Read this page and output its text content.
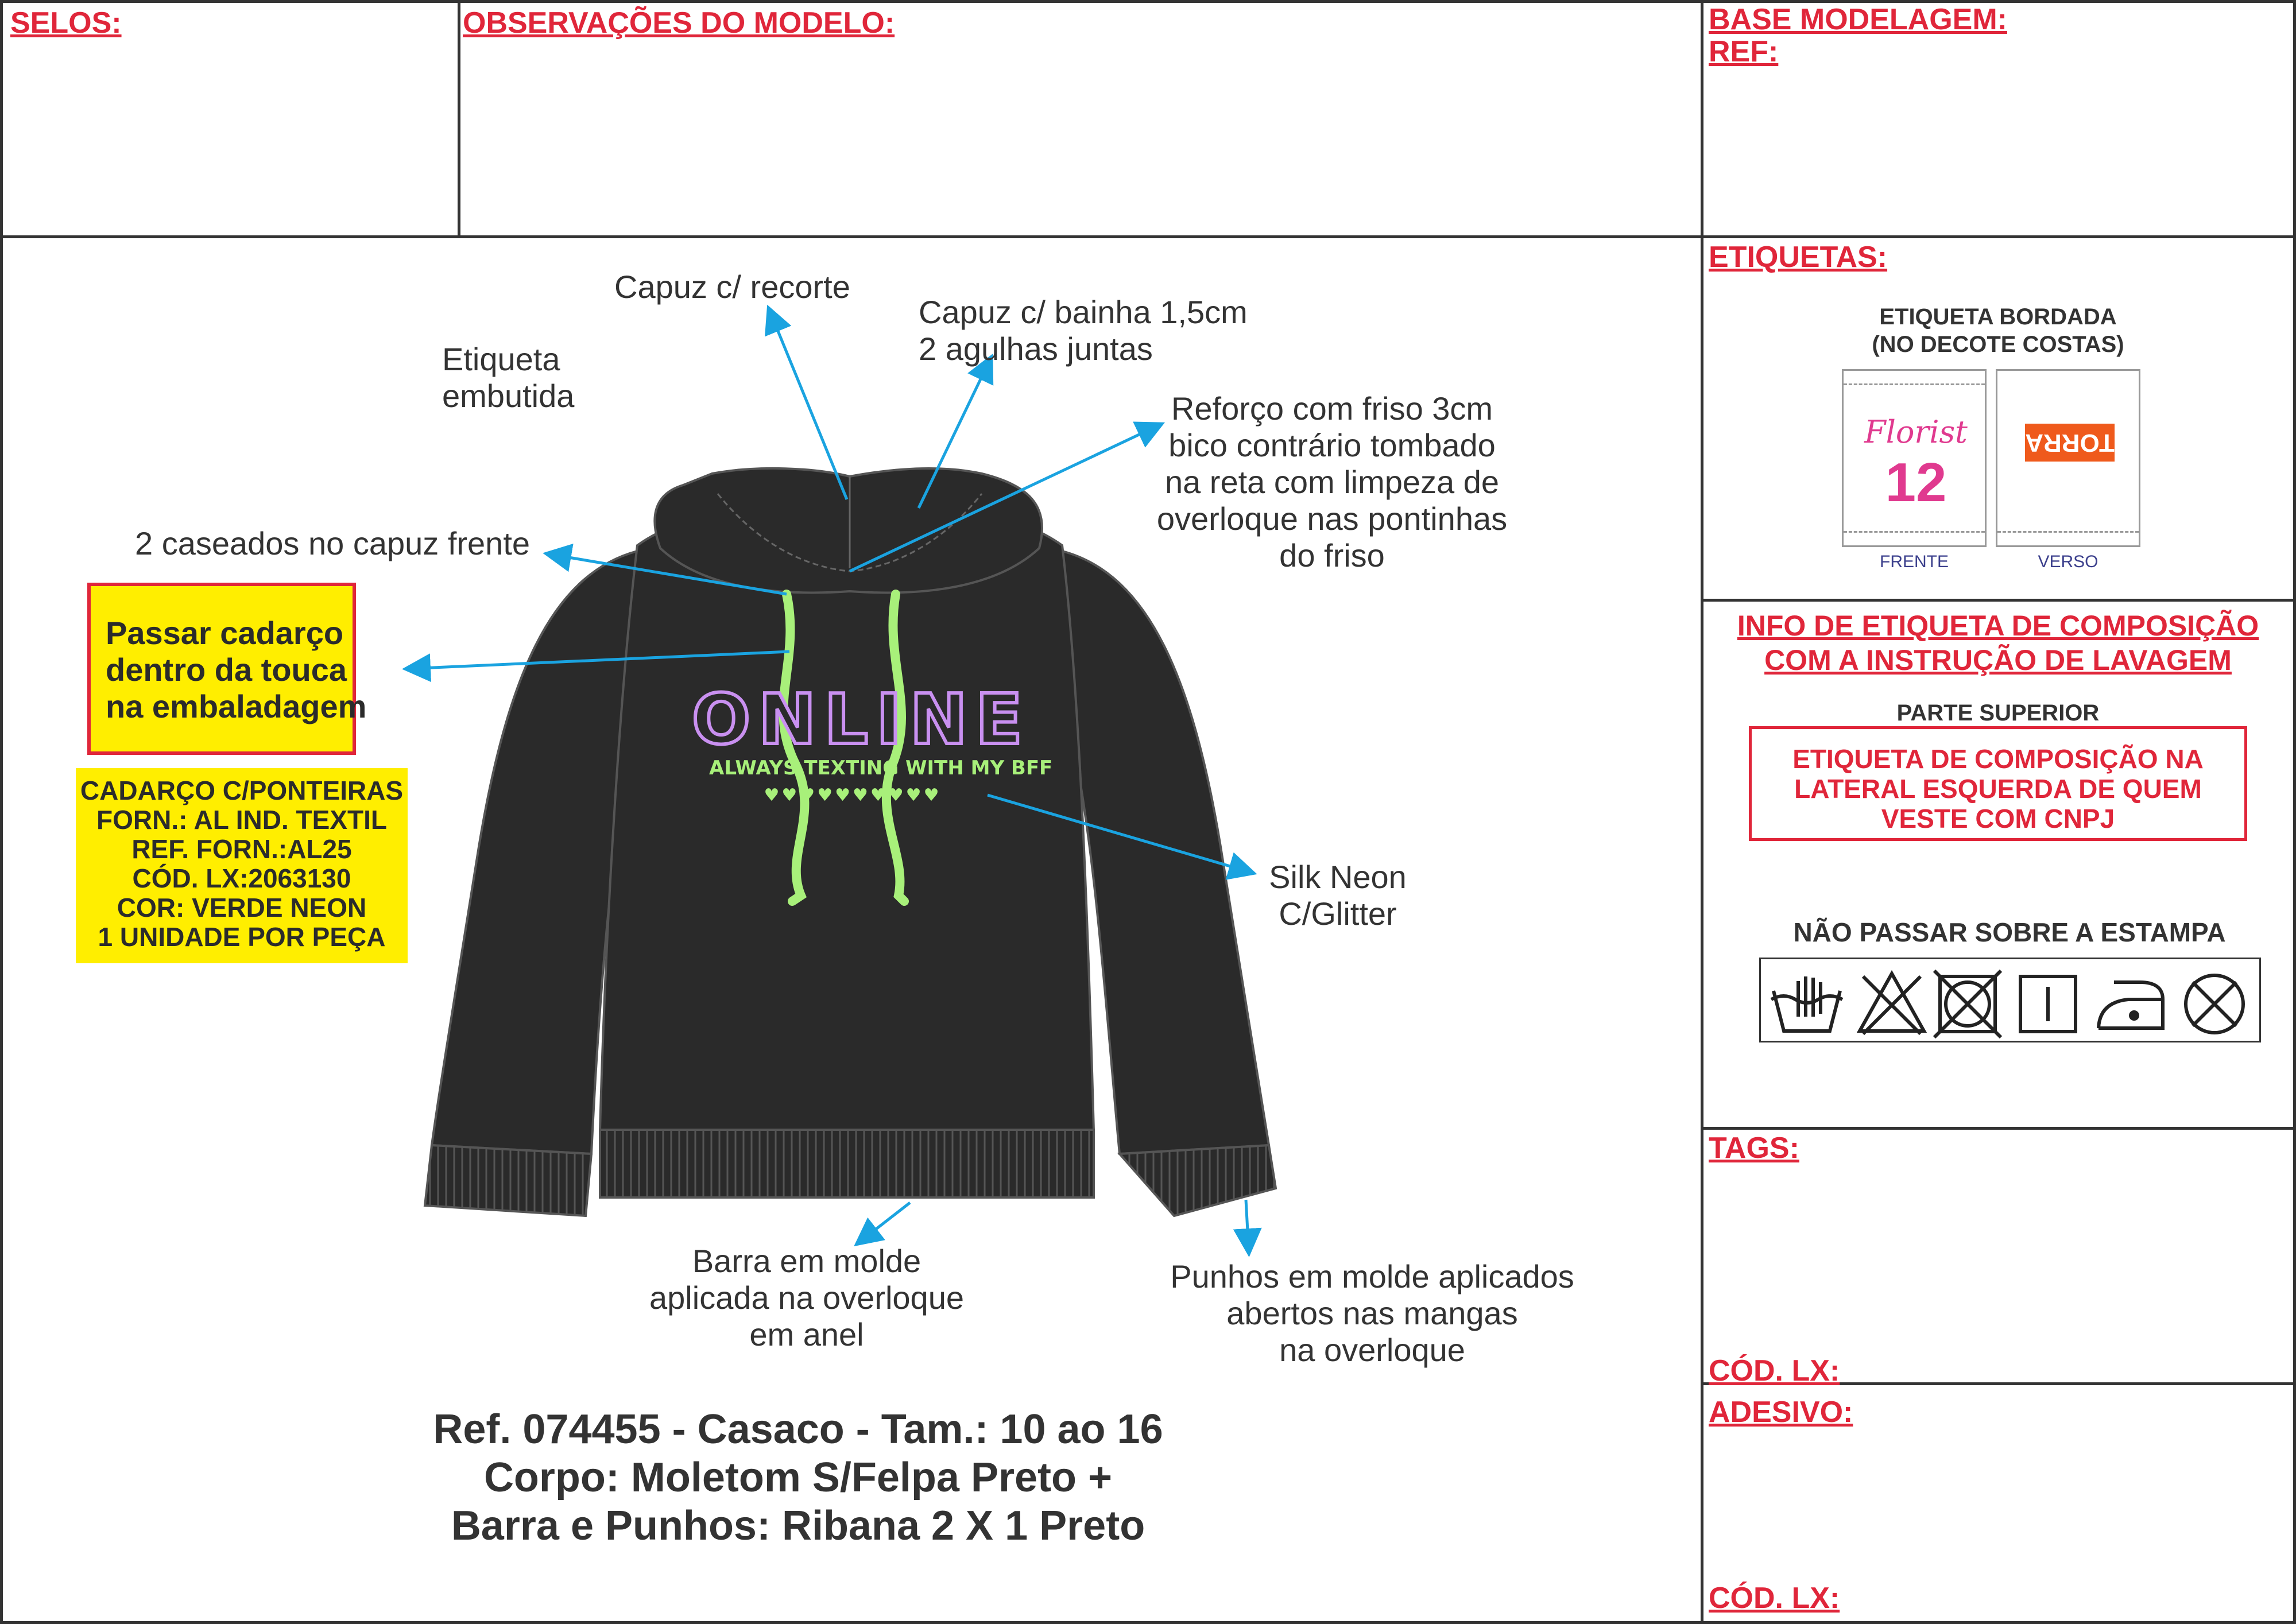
SELOS:	OBSERVAÇÕES DO MODELO:	BASE MODELAGEM:
REF:
ONLINE
ALWAYS TEXTING WITH MY BFF
♥♥♥♥♥♥♥♥♥♥
Capuz c/ recorte
Capuz c/ bainha 1,5cm
2 agulhas juntas
Etiqueta
embutida	Reforço com friso 3cm
bico contrário tombado
na reta com limpeza de
overloque nas pontinhas
do friso
2 caseados no capuz frente
Silk Neon
C/Glitter
Barra em molde
aplicada na overloque
em anel
Punhos em molde aplicados
abertos nas mangas
na overloque
Passar cadarço
dentro da touca
na embaladagem
CADARÇO C/PONTEIRAS
FORN.: AL IND. TEXTIL
REF. FORN.:AL25
CÓD. LX:2063130
COR: VERDE NEON
1 UNIDADE POR PEÇA
Ref. 074455 - Casaco - Tam.: 10 ao 16
Corpo: Moletom S/Felpa Preto +
Barra e Punhos: Ribana 2 X 1 Preto
ETIQUETAS:
ETIQUETA BORDADA
(NO DECOTE COSTAS)
Florist
12
FRENTE
TORRA
VERSO
INFO DE ETIQUETA DE COMPOSIÇÃO
COM A INSTRUÇÃO DE LAVAGEM
PARTE SUPERIOR
ETIQUETA DE COMPOSIÇÃO NA
LATERAL ESQUERDA DE QUEM
VESTE COM CNPJ
NÃO PASSAR SOBRE A ESTAMPA
TAGS:
CÓD. LX:
ADESIVO:
CÓD. LX:
